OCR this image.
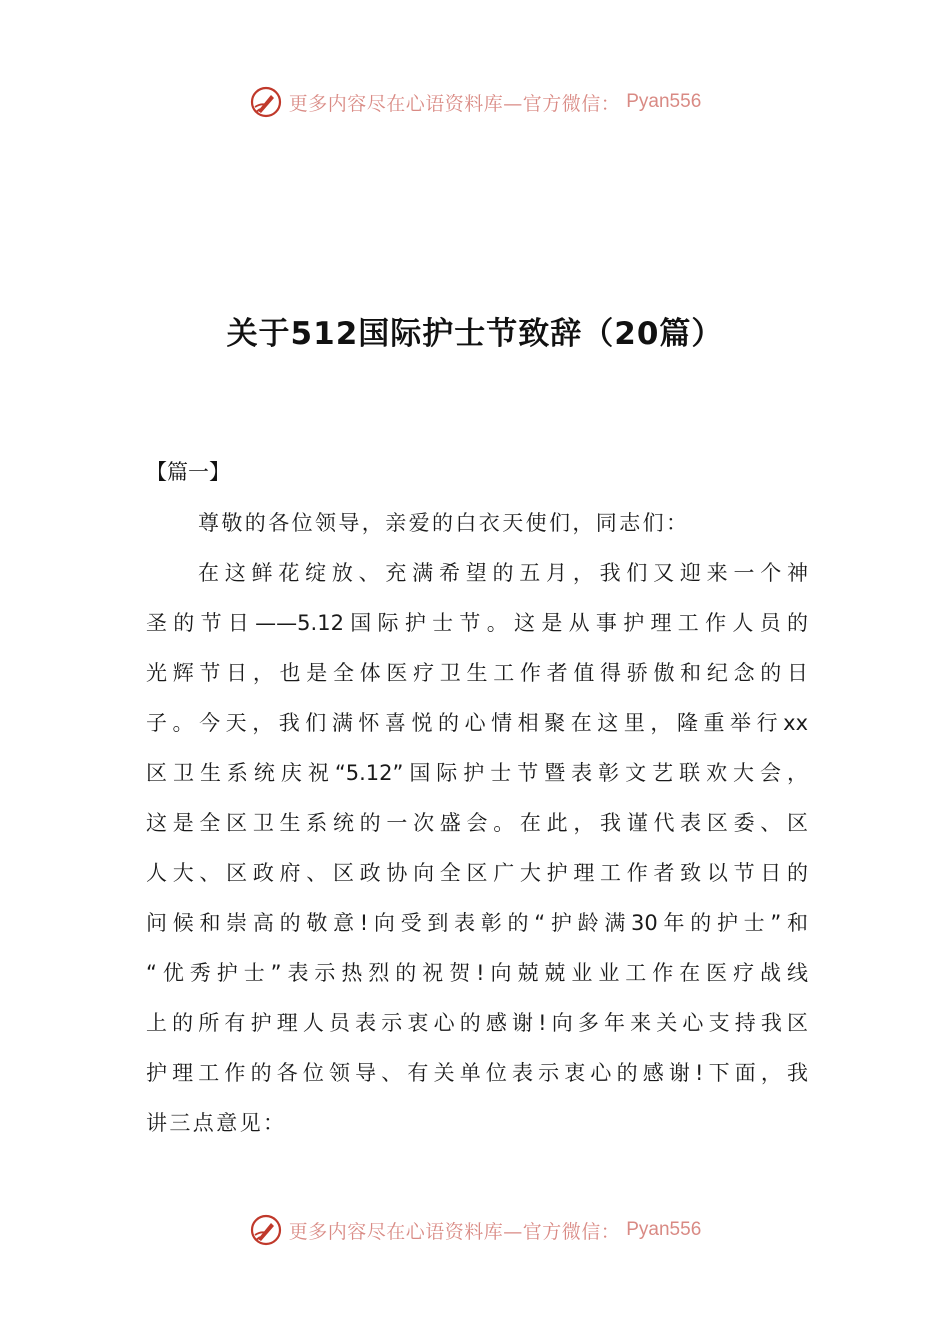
更多内容尽在心语资料库—官方微信： Pyan556
关于512国际护士节致辞（20篇）
【篇一】
尊敬的各位领导，亲爱的白衣天使们，同志们：
在这鲜花绽放、充满希望的五月，我们又迎来一个神
圣的节日——5.12国际护士节。这是从事护理工作人员的
光辉节日，也是全体医疗卫生工作者值得骄傲和纪念的日
子。今天，我们满怀喜悦的心情相聚在这里，隆重举行xx
区卫生系统庆祝“5.12”国际护士节暨表彰文艺联欢大会，
这是全区卫生系统的一次盛会。在此，我谨代表区委、区
人大、区政府、区政协向全区广大护理工作者致以节日的
问候和崇高的敬意!向受到表彰的“护龄满30年的护士”和
“优秀护士”表示热烈的祝贺!向兢兢业业工作在医疗战线
上的所有护理人员表示衷心的感谢!向多年来关心支持我区
护理工作的各位领导、有关单位表示衷心的感谢!下面，我
讲三点意见：
更多内容尽在心语资料库—官方微信： Pyan556
